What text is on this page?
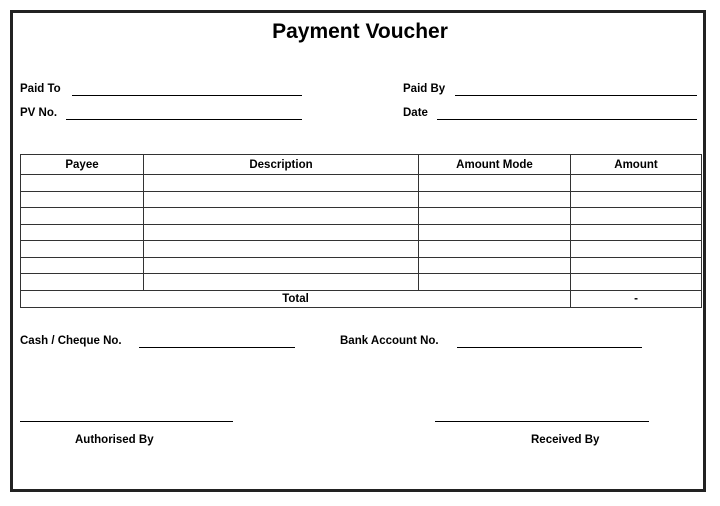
Payment Voucher
Paid To	Paid By
PV No.	Date
Payee	Description	Amount Mode	Amount

Total			-
Cash / Cheque No.	Bank Account No.
Authorised By	Received By
